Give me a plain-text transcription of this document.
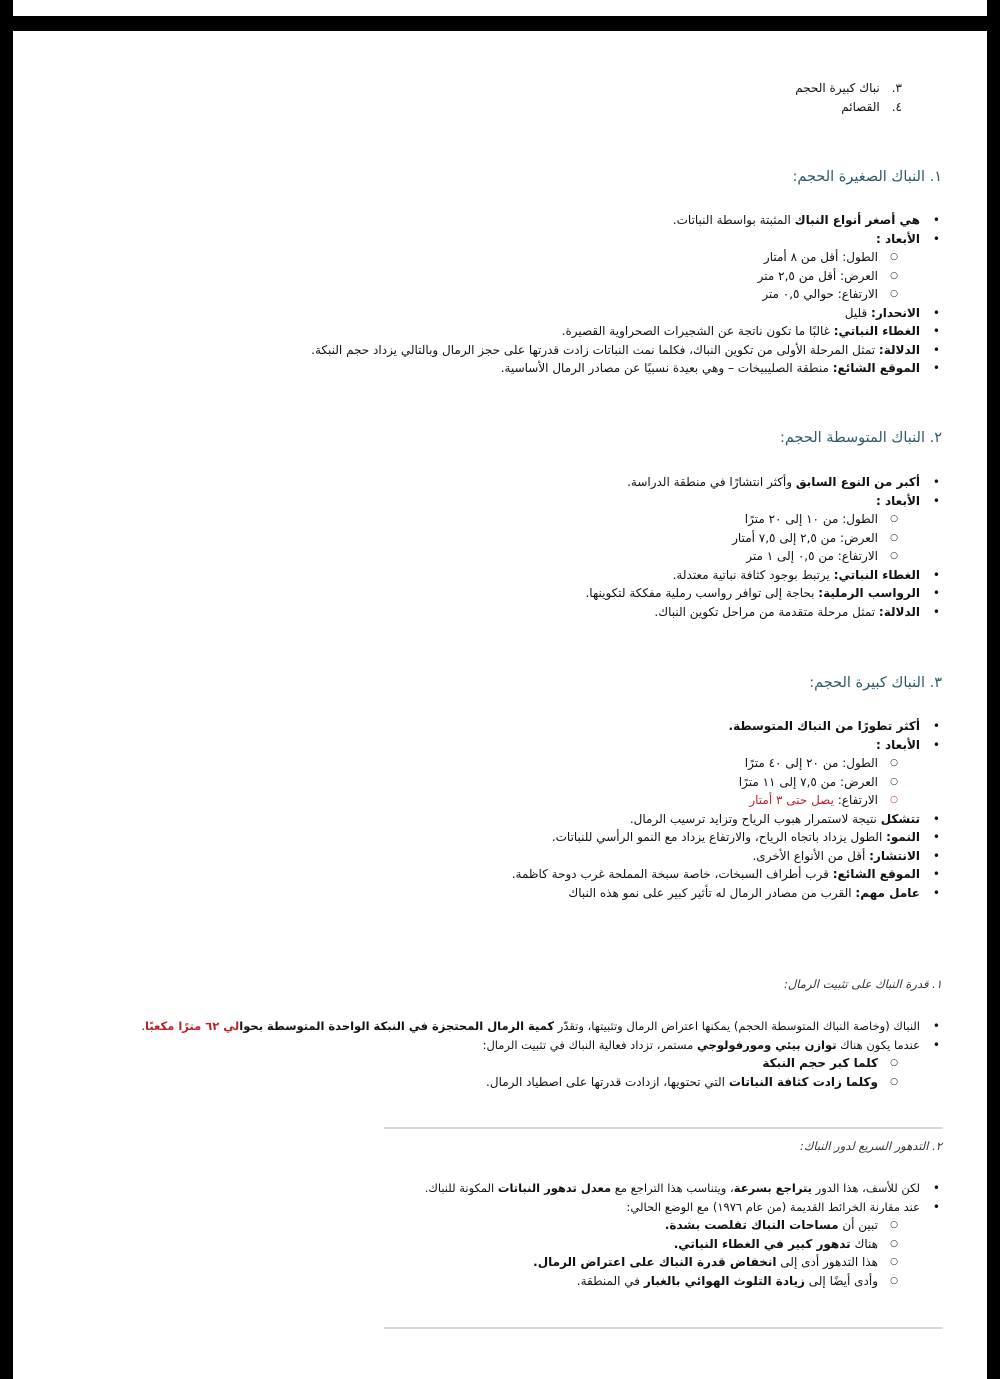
٣.
نباك كبيرة الحجم
٤.
القصائم
١. النباك الصغيرة الحجم:
• هي أصغر أنواع النباك المثبتة بواسطة النباتات.
• الأبعاد :
○ الطول: أقل من ٨ أمتار
○ العرض: أقل من ٢,٥ متر
○ الارتفاع: حوالي ٠,٥ متر
• الانحدار: قليل
• الغطاء النباتي: غالبًا ما تكون ناتجة عن الشجيرات الصحراوية القصيرة.
• الدلالة: تمثل المرحلة الأولى من تكوين النباك، فكلما نمت النباتات زادت قدرتها على حجز الرمال وبالتالي يزداد حجم النبكة.
• الموقع الشائع: منطقة الصليبيخات – وهي بعيدة نسبيًا عن مصادر الرمال الأساسية.
٢. النباك المتوسطة الحجم:
• أكبر من النوع السابق وأكثر انتشارًا في منطقة الدراسة.
• الأبعاد :
○ الطول: من ١٠ إلى ٢٠ مترًا
○ العرض: من ٢,٥ إلى ٧,٥ أمتار
○ الارتفاع: من ٠,٥ إلى ١ متر
• الغطاء النباتي: يرتبط بوجود كثافة نباتية معتدلة.
• الرواسب الرملية: بحاجة إلى توافر رواسب رملية مفككة لتكوينها.
• الدلالة: تمثل مرحلة متقدمة من مراحل تكوين النباك.
٣. النباك كبيرة الحجم:
• أكثر تطورًا من النباك المتوسطة.
• الأبعاد :
○ الطول: من ٢٠ إلى ٤٠ مترًا
○ العرض: من ٧,٥ إلى ١١ مترًا
○ الارتفاع: يصل حتى ٣ أمتار
• تتشكل نتيجة لاستمرار هبوب الرياح وتزايد ترسيب الرمال.
• النمو: الطول يزداد باتجاه الرياح، والارتفاع يزداد مع النمو الرأسي للنباتات.
• الانتشار: أقل من الأنواع الأخرى.
• الموقع الشائع: قرب أطراف السبخات، خاصة سبخة المملحة غرب دوحة كاظمة.
• عامل مهم: القرب من مصادر الرمال له تأثير كبير على نمو هذه النباك
١. قدرة النباك على تثبيت الرمال:
• النباك (وخاصة النباك المتوسطة الحجم) يمكنها اعتراض الرمال وتثبيتها، وتقدّر كمية الرمال المحتجزة في النبكة الواحدة المتوسطة بحوالي ٦٢ مترًا مكعبًا.
• عندما يكون هناك توازن بيئي ومورفولوجي مستمر، تزداد فعالية النباك في تثبيت الرمال:
○ كلما كبر حجم النبكة
○ وكلما زادت كثافة النباتات التي تحتويها، ازدادت قدرتها على اصطياد الرمال.
٢. التدهور السريع لدور النباك:
• لكن للأسف، هذا الدور يتراجع بسرعة، ويتناسب هذا التراجع مع معدل تدهور النباتات المكونة للنباك.
• عند مقارنة الخرائط القديمة (من عام ١٩٧٦) مع الوضع الحالي:
○ تبين أن مساحات النباك تقلصت بشدة.
○ هناك تدهور كبير في الغطاء النباتي.
○ هذا التدهور أدى إلى انخفاض قدرة النباك على اعتراض الرمال.
○ وأدى أيضًا إلى زيادة التلوث الهوائي بالغبار في المنطقة.
